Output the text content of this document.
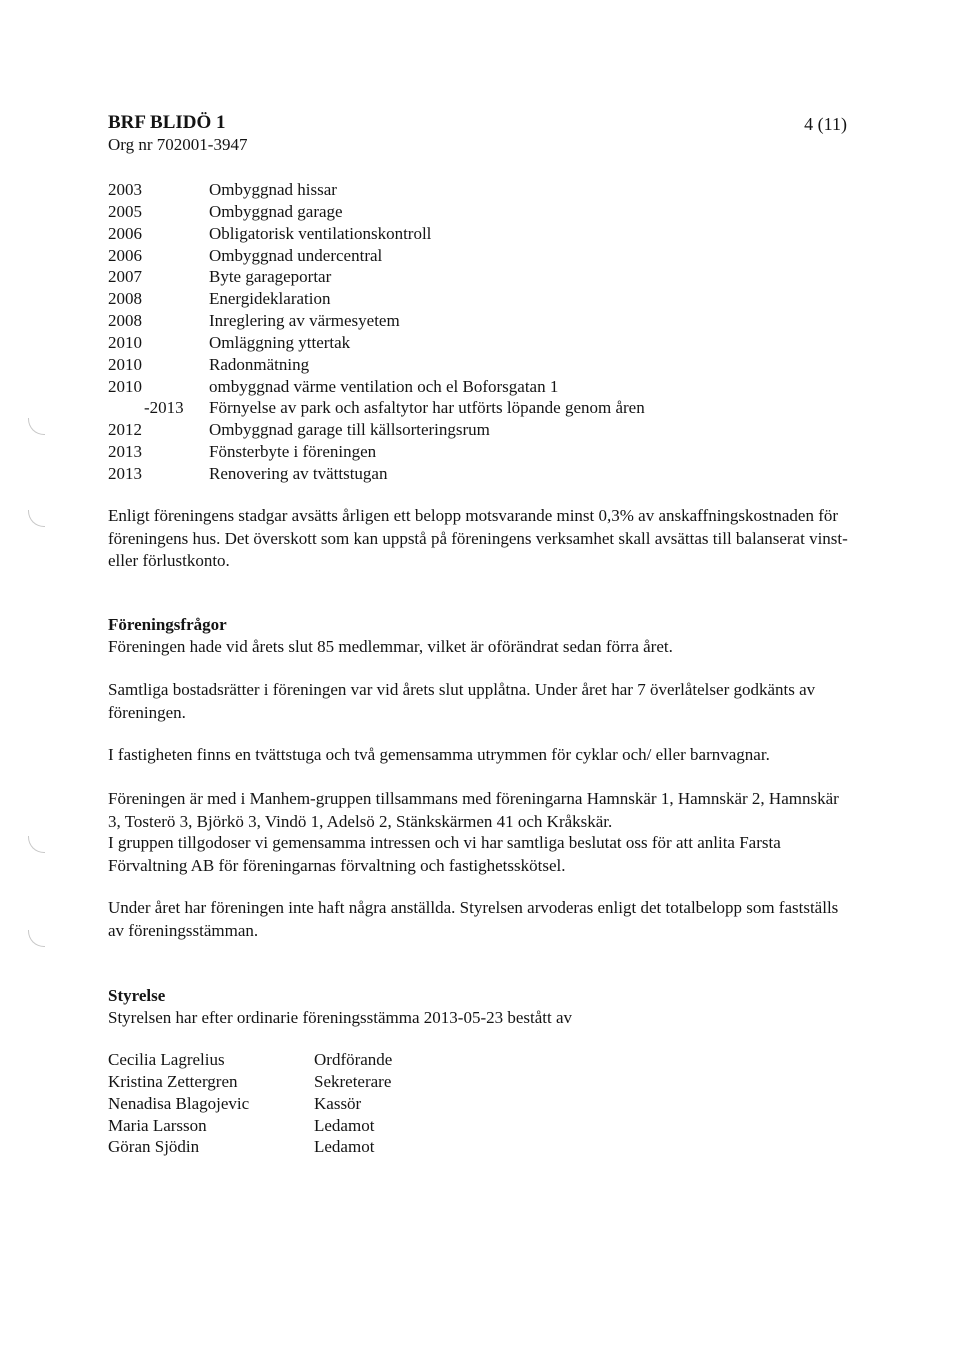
BRF BLIDÖ 1
Org nr 702001-3947
4 (11)
2003	Ombyggnad hissar
2005	Ombyggnad garage
2006	Obligatorisk ventilationskontroll
2006	Ombyggnad undercentral
2007	Byte garageportar
2008	Energideklaration
2008	Inreglering av värmesyetem
2010	Omläggning yttertak
2010	Radonmätning
2010	ombyggnad värme ventilation och el Boforsgatan 1
-2013	Förnyelse av park och asfaltytor har utförts löpande genom åren
2012	Ombyggnad garage till källsorteringsrum
2013	Fönsterbyte i föreningen
2013	Renovering av tvättstugan

Enligt föreningens stadgar avsätts årligen ett belopp motsvarande minst 0,3% av anskaffningskostnaden för föreningens hus. Det överskott som kan uppstå på föreningens verksamhet skall avsättas till balanserat vinst- eller förlustkonto.

Föreningsfrågor

Föreningen hade vid årets slut 85 medlemmar, vilket är oförändrat sedan förra året.

Samtliga bostadsrätter i föreningen var vid årets slut upplåtna. Under året har 7 överlåtelser godkänts av föreningen.

I fastigheten finns en tvättstuga och två gemensamma utrymmen för cyklar och/ eller barnvagnar.

Föreningen är med i Manhem-gruppen tillsammans med föreningarna Hamnskär 1, Hamnskär 2, Hamnskär 3, Tosterö 3, Björkö 3, Vindö 1, Adelsö 2, Stänkskärmen 41 och Kråkskär.

I gruppen tillgodoser vi gemensamma intressen och vi har samtliga beslutat oss för att anlita Farsta Förvaltning AB för föreningarnas förvaltning och fastighetsskötsel.

Under året har föreningen inte haft några anställda. Styrelsen arvoderas enligt det totalbelopp som fastställs av föreningsstämman.

Styrelse

Styrelsen har efter ordinarie föreningsstämma 2013-05-23 bestått av

Cecilia Lagrelius	Ordförande
Kristina Zettergren	Sekreterare
Nenadisa Blagojevic	Kassör
Maria Larsson	Ledamot
Göran Sjödin	Ledamot
